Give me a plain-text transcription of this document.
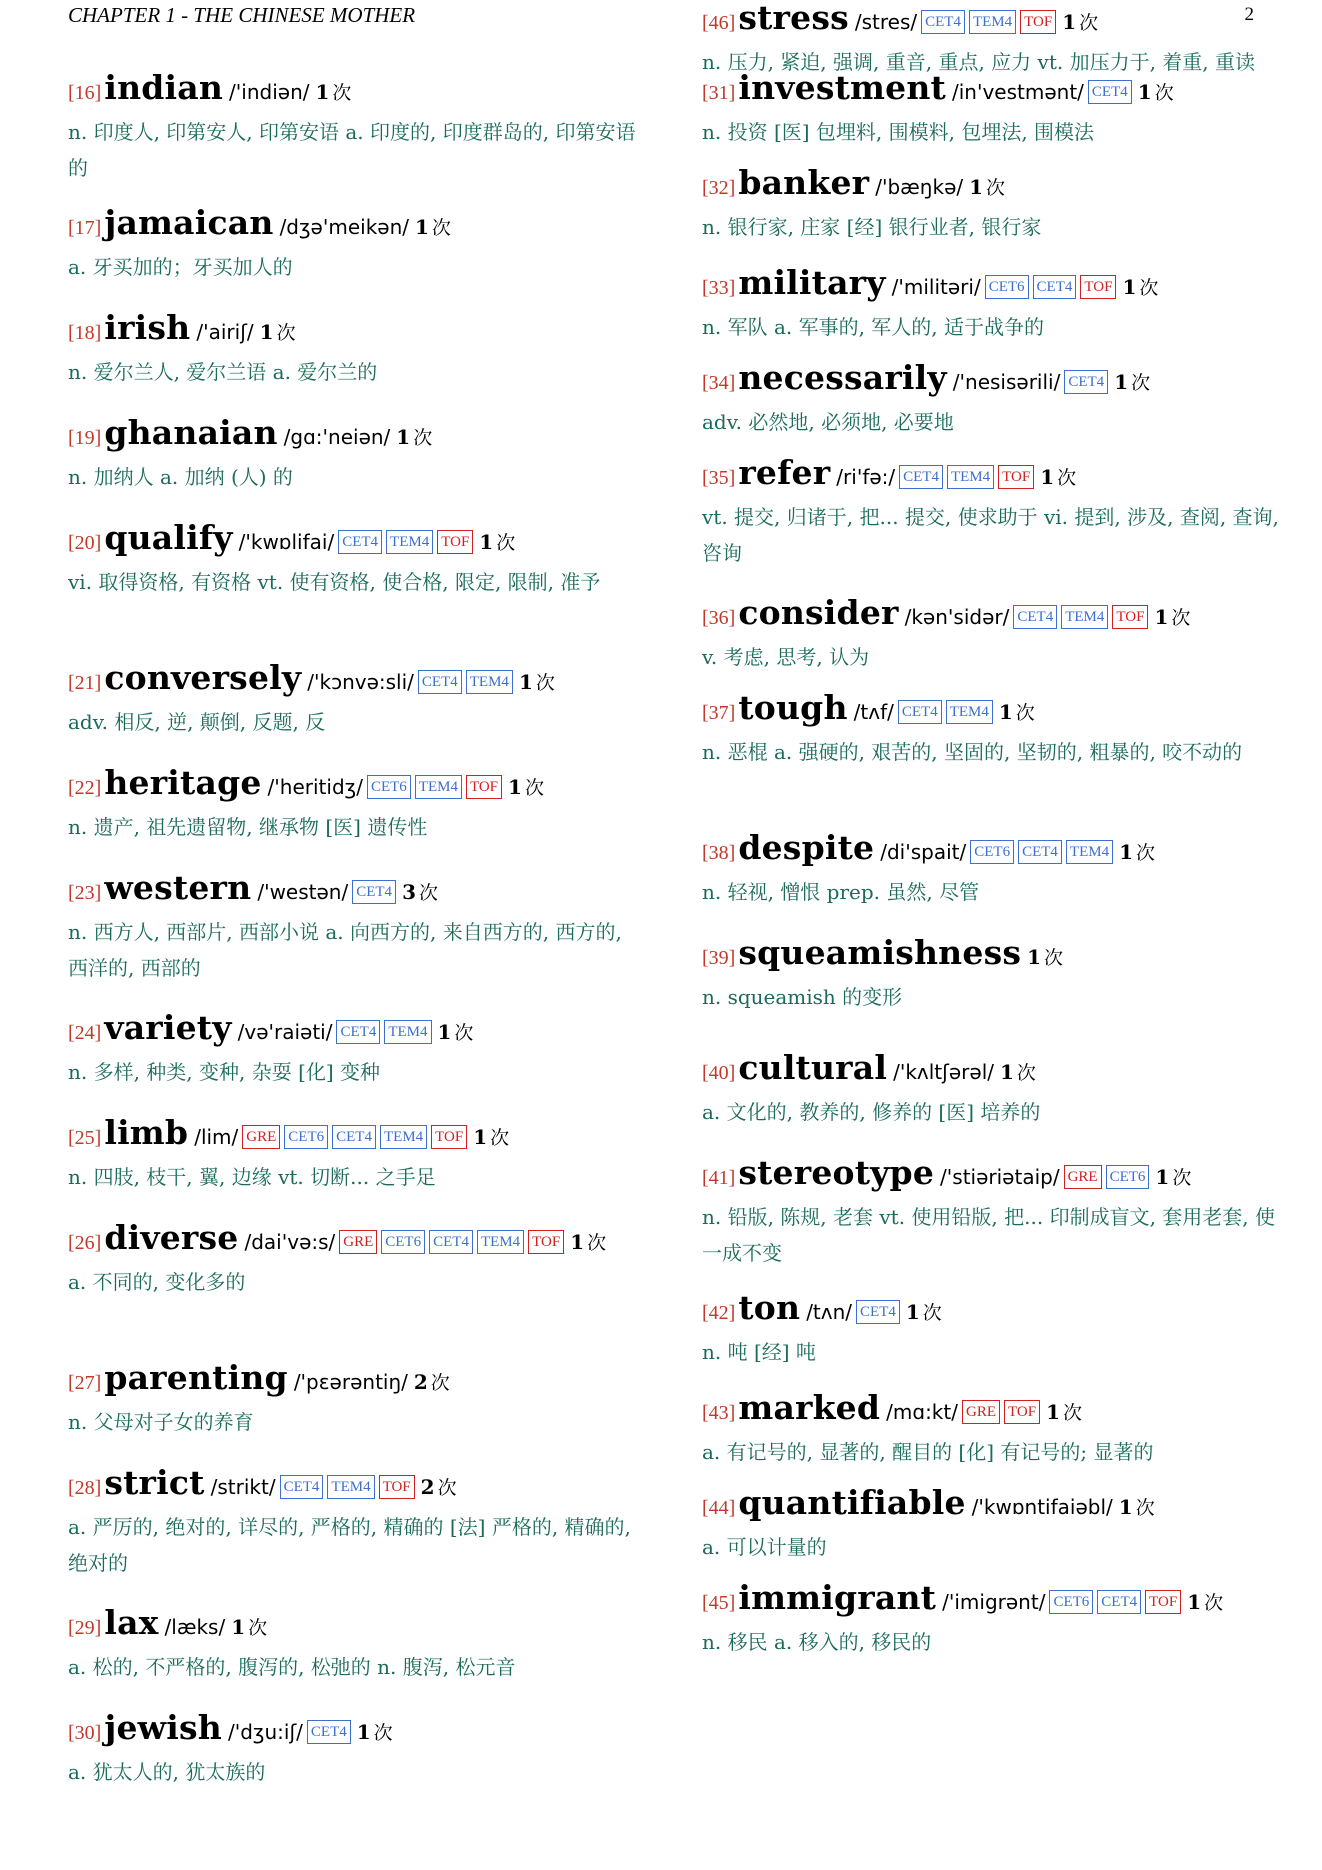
CHAPTER 1 - THE CHINESE MOTHER	2
[16]indian /'indiən/ 1 次
n. 印度人, 印第安人, 印第安语 a. 印度的, 印度群岛的, 印第安语的
[17]jamaican /dʒə'meikən/ 1 次
a. 牙买加的；牙买加人的
[18]irish /'airiʃ/ 1 次
n. 爱尔兰人, 爱尔兰语 a. 爱尔兰的
[19]ghanaian /gɑ:'neiən/ 1 次
n. 加纳人 a. 加纳 (人) 的
[20]qualify /'kwɒlifai/ CET4 TEM4 TOF 1 次
vi. 取得资格, 有资格 vt. 使有资格, 使合格, 限定, 限制, 准予
[21]conversely /'kɔnvə:sli/ CET4 TEM4 1 次
adv. 相反, 逆, 颠倒, 反题, 反
[22]heritage /'heritidʒ/ CET6 TEM4 TOF 1 次
n. 遗产, 祖先遗留物, 继承物 [医] 遗传性
[23]western /'westən/ CET4 3 次
n. 西方人, 西部片, 西部小说 a. 向西方的, 来自西方的, 西方的, 西洋的, 西部的
[24]variety /və'raiəti/ CET4 TEM4 1 次
n. 多样, 种类, 变种, 杂耍 [化] 变种
[25]limb /lim/ GRE CET6 CET4 TEM4 TOF 1 次
n. 四肢, 枝干, 翼, 边缘 vt. 切断... 之手足
[26]diverse /dai'və:s/ GRE CET6 CET4 TEM4 TOF 1 次
a. 不同的, 变化多的
[27]parenting /'pɛərəntiŋ/ 2 次
n. 父母对子女的养育
[28]strict /strikt/ CET4 TEM4 TOF 2 次
a. 严厉的, 绝对的, 详尽的, 严格的, 精确的 [法] 严格的, 精确的, 绝对的
[29]lax /læks/ 1 次
a. 松的, 不严格的, 腹泻的, 松弛的 n. 腹泻, 松元音
[30]jewish /'dʒu:iʃ/ CET4 1 次
a. 犹太人的, 犹太族的
[31]investment /in'vestmənt/ CET4 1 次
n. 投资 [医] 包埋料, 围模料, 包埋法, 围模法
[32]banker /'bæŋkə/ 1 次
n. 银行家, 庄家 [经] 银行业者, 银行家
[33]military /'militəri/ CET6 CET4 TOF 1 次
n. 军队 a. 军事的, 军人的, 适于战争的
[34]necessarily /'nesisərili/ CET4 1 次
adv. 必然地, 必须地, 必要地
[35]refer /ri'fə:/ CET4 TEM4 TOF 1 次
vt. 提交, 归诸于, 把... 提交, 使求助于 vi. 提到, 涉及, 查阅, 查询, 咨询
[36]consider /kən'sidər/ CET4 TEM4 TOF 1 次
v. 考虑, 思考, 认为
[37]tough /tʌf/ CET4 TEM4 1 次
n. 恶棍 a. 强硬的, 艰苦的, 坚固的, 坚韧的, 粗暴的, 咬不动的
[38]despite /di'spait/ CET6 CET4 TEM4 1 次
n. 轻视, 憎恨 prep. 虽然, 尽管
[39]squeamishness 1 次
n. squeamish 的变形
[40]cultural /'kʌltʃərəl/ 1 次
a. 文化的, 教养的, 修养的 [医] 培养的
[41]stereotype /'stiəriətaip/ GRE CET6 1 次
n. 铅版, 陈规, 老套 vt. 使用铅版, 把... 印制成盲文, 套用老套, 使一成不变
[42]ton /tʌn/ CET4 1 次
n. 吨 [经] 吨
[43]marked /mɑ:kt/ GRE TOF 1 次
a. 有记号的, 显著的, 醒目的 [化] 有记号的; 显著的
[44]quantifiable /'kwɒntifaiəbl/ 1 次
a. 可以计量的
[45]immigrant /'imigrənt/ CET6 CET4 TOF 1 次
n. 移民 a. 移入的, 移民的
[46]stress /stres/ CET4 TEM4 TOF 1 次
n. 压力, 紧迫, 强调, 重音, 重点, 应力 vt. 加压力于, 着重, 重读
